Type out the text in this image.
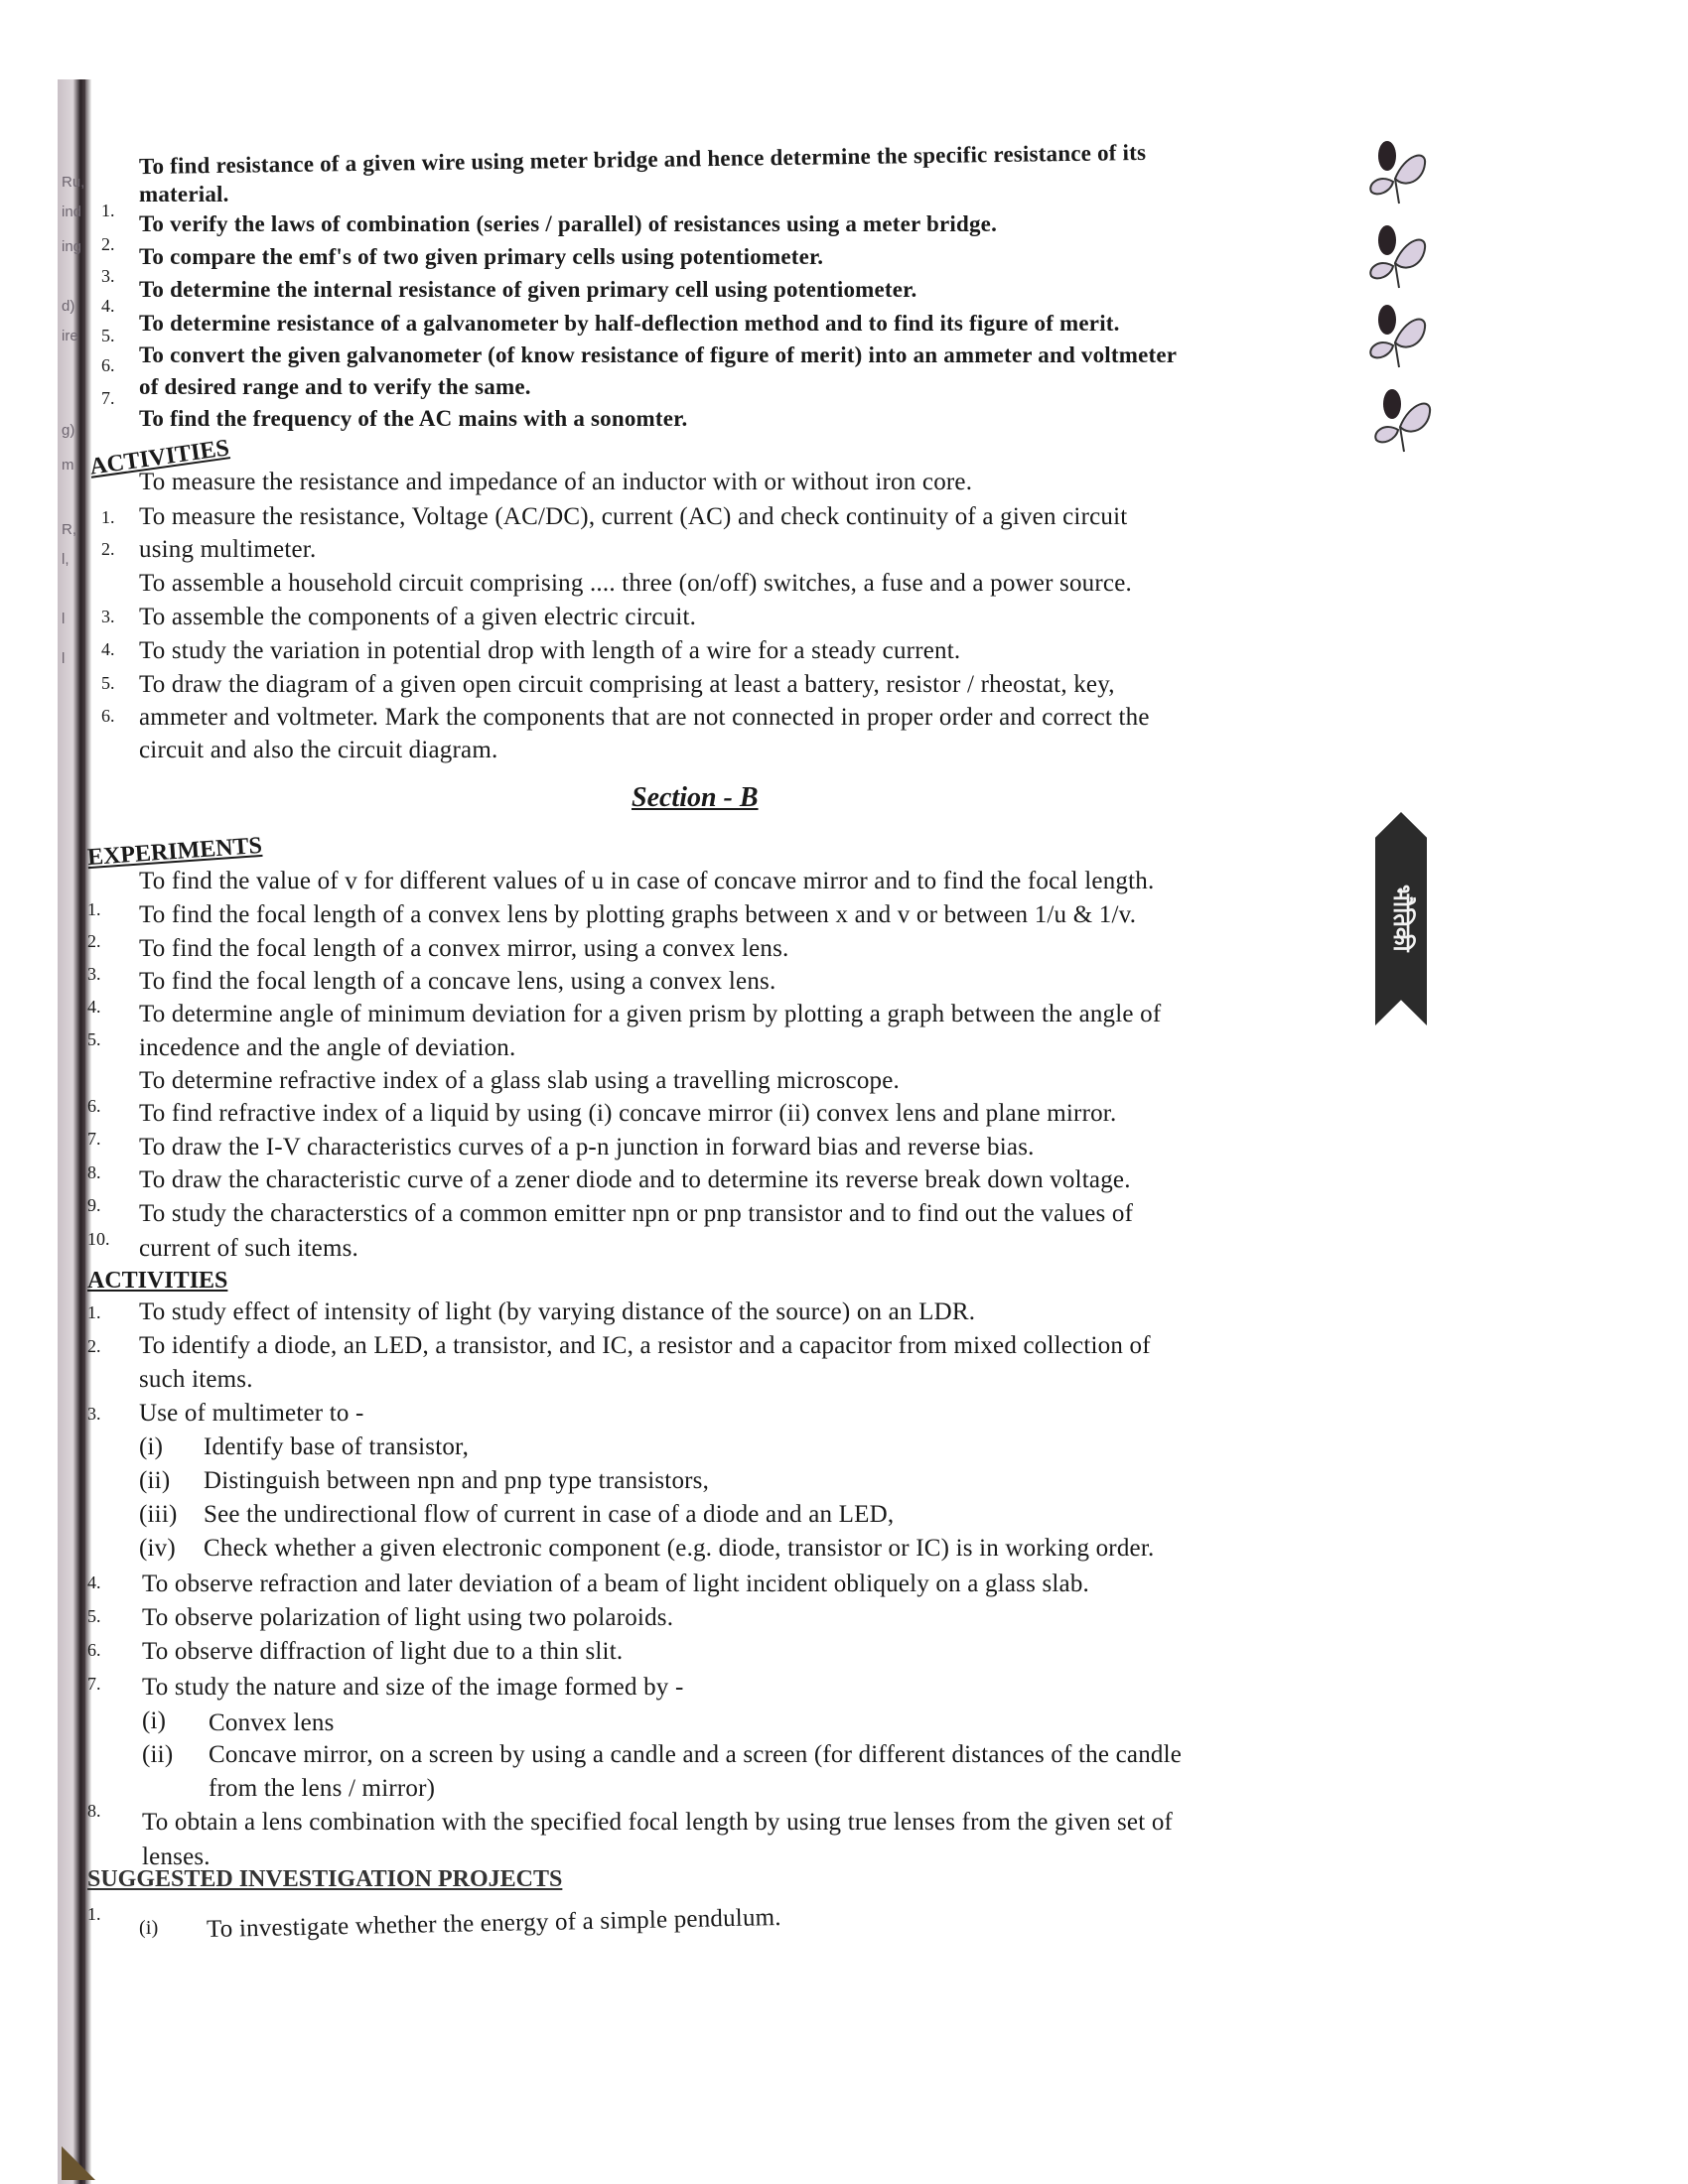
Ru,
ind
ing
d)
ire
g)
m
R,
l,
l
l
भौतिकी
1.
To find resistance of a given wire using meter bridge and hence determine the specific resistance of its
material.
2.
To verify the laws of combination (series / parallel) of resistances using a meter bridge.
3.
To compare the emf's of two given primary cells using potentiometer.
4.
To determine the internal resistance of given primary cell using potentiometer.
5.	To determine resistance of a galvanometer by half-deflection method and to find its figure of merit.
6.	To convert the given galvanometer (of know resistance of figure of merit) into an ammeter and voltmeter
of desired range and to verify the same.
7.
To find the frequency of the AC mains with a sonomter.
ACTIVITIES
1.
To measure the resistance and impedance of an inductor with or without iron core.
2.
To measure the resistance, Voltage (AC/DC), current (AC) and check continuity of a given circuit
using multimeter.
3.
To assemble a household circuit comprising .... three (on/off) switches, a fuse and a power source.
4.
To assemble the components of a given electric circuit.
5.
To study the variation in potential drop with length of a wire for a steady current.
6.
To draw the diagram of a given open circuit comprising at least a battery, resistor / rheostat, key,
ammeter and voltmeter. Mark the components that are not connected in proper order and correct the
circuit and also the circuit diagram.
Section - B
EXPERIMENTS
1.
To find the value of v for different values of u in case of concave mirror and to find the focal length.
2.
To find the focal length of a convex lens by plotting graphs between x and v or between 1/u & 1/v.
3.
To find the focal length of a convex mirror, using a convex lens.
4.
To find the focal length of a concave lens, using a convex lens.
5.
To determine angle of minimum deviation for a given prism by plotting a graph between the angle of
incedence and the angle of deviation.
6.
To determine refractive index of a glass slab using a travelling microscope.
7.
To find refractive index of a liquid by using (i) concave mirror (ii) convex lens and plane mirror.
8.
To draw the I-V characteristics curves of a p-n junction in forward bias and reverse bias.
9.
To draw the characteristic curve of a zener diode and to determine its reverse break down voltage.
10.
To study the characterstics of a common emitter npn or pnp transistor and to find out the values of
current of such items.
ACTIVITIES
1.	To study effect of intensity of light (by varying distance of the source) on an LDR.
2.	To identify a diode, an LED, a transistor, and IC, a resistor and a capacitor from mixed collection of
such items.
3.	Use of multimeter to -
(i) Identify base of transistor,
(ii) Distinguish between npn and pnp type transistors,
(iii) See the undirectional flow of current in case of a diode and an LED,
(iv) Check whether a given electronic component (e.g. diode, transistor or IC) is in working order.
4.	To observe refraction and later deviation of a beam of light incident obliquely on a glass slab.
5.	To observe polarization of light using two polaroids.
6.	To observe diffraction of light due to a thin slit.
7.	To study the nature and size of the image formed by -
(i) Convex lens
(ii) Concave mirror, on a screen by using a candle and a screen (for different distances of the candle
from the lens / mirror)
8.	To obtain a lens combination with the specified focal length by using true lenses from the given set of
lenses.
SUGGESTED INVESTIGATION PROJECTS
1.
(i) To investigate whether the energy of a simple pendulum.
